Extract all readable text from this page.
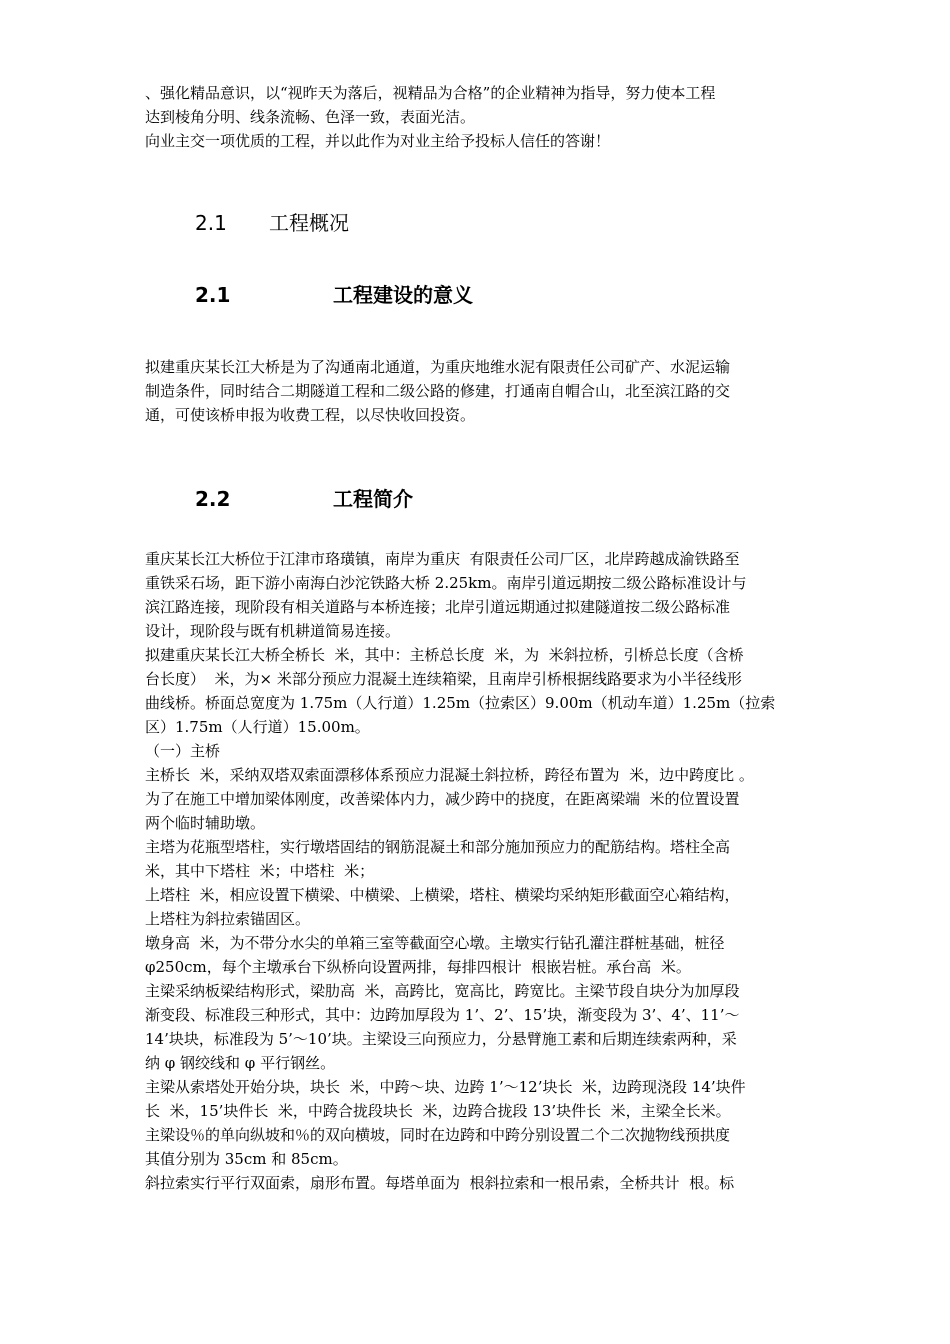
、强化精品意识，以“视昨天为落后，视精品为合格”的企业精神为指导，努力使本工程

达到棱角分明、线条流畅、色泽一致，表面光洁。

向业主交一项优质的工程，并以此作为对业主给予投标人信任的答谢！

2.1 工程概况
2.1	工程建设的意义

拟建重庆某长江大桥是为了沟通南北通道，为重庆地维水泥有限责任公司矿产、水泥运输

制造条件，同时结合二期隧道工程和二级公路的修建，打通南自帽合山，北至滨江路的交

通，可使该桥申报为收费工程，以尽快收回投资。

2.2	工程简介

重庆某长江大桥位于江津市珞璜镇，南岸为重庆  有限责任公司厂区，北岸跨越成渝铁路至

重铁采石场，距下游小南海白沙沱铁路大桥 2.25km。南岸引道远期按二级公路标准设计与

滨江路连接，现阶段有相关道路与本桥连接；北岸引道远期通过拟建隧道按二级公路标准

设计，现阶段与既有机耕道简易连接。

拟建重庆某长江大桥全桥长  米，其中：主桥总长度  米，为  米斜拉桥，引桥总长度（含桥

台长度）  米，为× 米部分预应力混凝土连续箱梁，且南岸引桥根据线路要求为小半径线形

曲线桥。桥面总宽度为 1.75m（人行道）1.25m（拉索区）9.00m（机动车道）1.25m（拉索

区）1.75m（人行道）15.00m。

（一）主桥

主桥长  米，采纳双塔双索面漂移体系预应力混凝土斜拉桥，跨径布置为  米，边中跨度比 。

为了在施工中增加梁体刚度，改善梁体内力，减少跨中的挠度，在距离梁端  米的位置设置

两个临时辅助墩。

主塔为花瓶型塔柱，实行墩塔固结的钢筋混凝土和部分施加预应力的配筋结构。塔柱全高

米，其中下塔柱  米；中塔柱  米；

上塔柱  米，相应设置下横梁、中横梁、上横梁，塔柱、横梁均采纳矩形截面空心箱结构，

上塔柱为斜拉索锚固区。

墩身高  米，为不带分水尖的单箱三室等截面空心墩。主墩实行钻孔灌注群桩基础，桩径

φ250cm，每个主墩承台下纵桥向设置两排，每排四根计  根嵌岩桩。承台高  米。

主梁采纳板梁结构形式，梁肋高  米，高跨比，宽高比，跨宽比。主梁节段自块分为加厚段

渐变段、标准段三种形式，其中：边跨加厚段为 1’、2’、15’块，渐变段为 3’、4’、11’～

14’块块，标准段为 5’～10’块。主梁设三向预应力，分悬臂施工素和后期连续索两种，采

纳 φ 钢绞线和 φ 平行钢丝。

主梁从索塔处开始分块，块长  米，中跨～块、边跨 1’～12’块长  米，边跨现浇段 14’块件

长  米，15’块件长  米，中跨合拢段块长  米，边跨合拢段 13’块件长  米，主梁全长米。

主梁设％的单向纵坡和％的双向横坡，同时在边跨和中跨分别设置二个二次抛物线预拱度

其值分别为 35cm 和 85cm。

斜拉索实行平行双面索，扇形布置。每塔单面为  根斜拉索和一根吊索，全桥共计  根。标
